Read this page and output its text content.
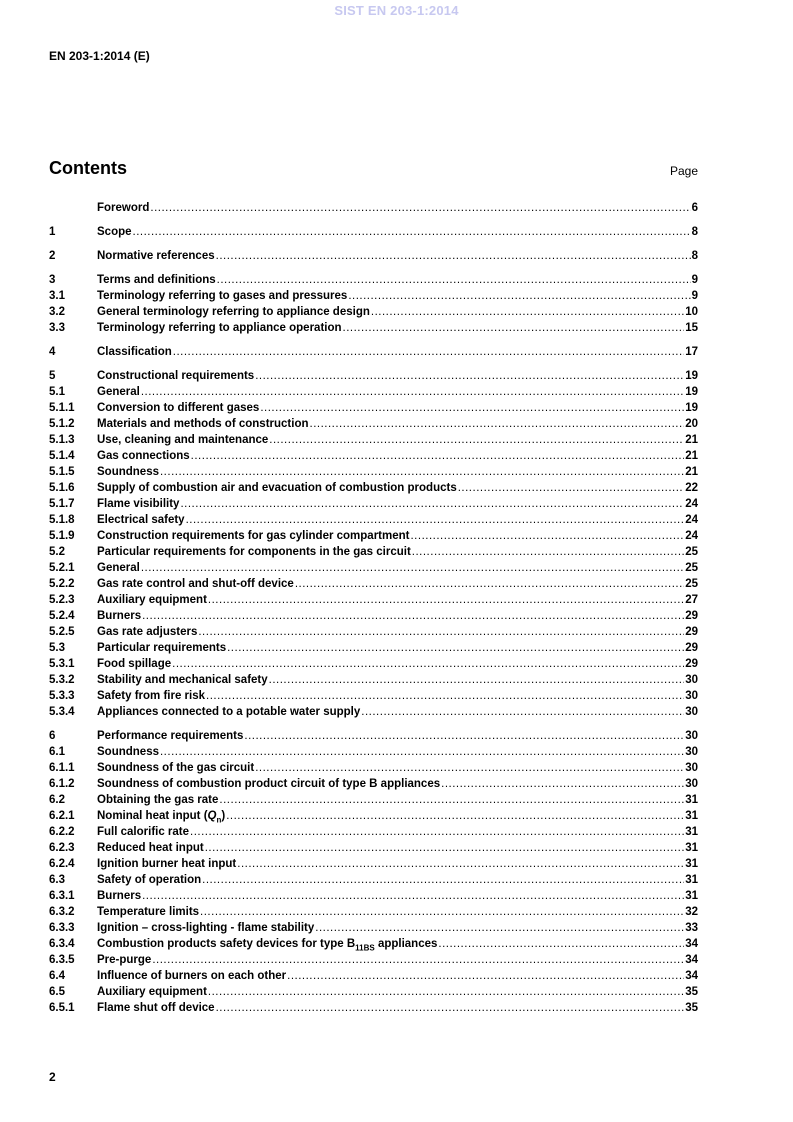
SIST EN 203-1:2014
EN 203-1:2014 (E)
Contents	Page
Foreword .....	6
1	Scope .....	8
2	Normative references .....	8
3	Terms and definitions .....	9
3.1	Terminology referring to gases and pressures .....	9
3.2	General terminology referring to appliance design .....	10
3.3	Terminology referring to appliance operation .....	15
4	Classification .....	17
5	Constructional requirements .....	19
5.1	General .....	19
5.1.1	Conversion to different gases .....	19
5.1.2	Materials and methods of construction .....	20
5.1.3	Use, cleaning and maintenance .....	21
5.1.4	Gas connections .....	21
5.1.5	Soundness .....	21
5.1.6	Supply of combustion air and evacuation of combustion products .....	22
5.1.7	Flame visibility .....	24
5.1.8	Electrical safety .....	24
5.1.9	Construction requirements for gas cylinder compartment .....	24
5.2	Particular requirements for components in the gas circuit .....	25
5.2.1	General .....	25
5.2.2	Gas rate control and shut-off device .....	25
5.2.3	Auxiliary equipment .....	27
5.2.4	Burners .....	29
5.2.5	Gas rate adjusters .....	29
5.3	Particular requirements .....	29
5.3.1	Food spillage .....	29
5.3.2	Stability and mechanical safety .....	30
5.3.3	Safety from fire risk .....	30
5.3.4	Appliances connected to a potable water supply .....	30
6	Performance requirements .....	30
6.1	Soundness .....	30
6.1.1	Soundness of the gas circuit .....	30
6.1.2	Soundness of combustion product circuit of type B appliances .....	30
6.2	Obtaining the gas rate .....	31
6.2.1	Nominal heat input $(Q_n)$ .....	31
6.2.2	Full calorific rate .....	31
6.2.3	Reduced heat input .....	31
6.2.4	Ignition burner heat input .....	31
6.3	Safety of operation .....	31
6.3.1	Burners .....	31
6.3.2	Temperature limits .....	32
6.3.3	Ignition – cross-lighting - flame stability .....	33
6.3.4	Combustion products safety devices for type $B_{11BS}$ appliances .....	34
6.3.5	Pre-purge .....	34
6.4	Influence of burners on each other .....	34
6.5	Auxiliary equipment .....	35
6.5.1	Flame shut off device .....	35
2
